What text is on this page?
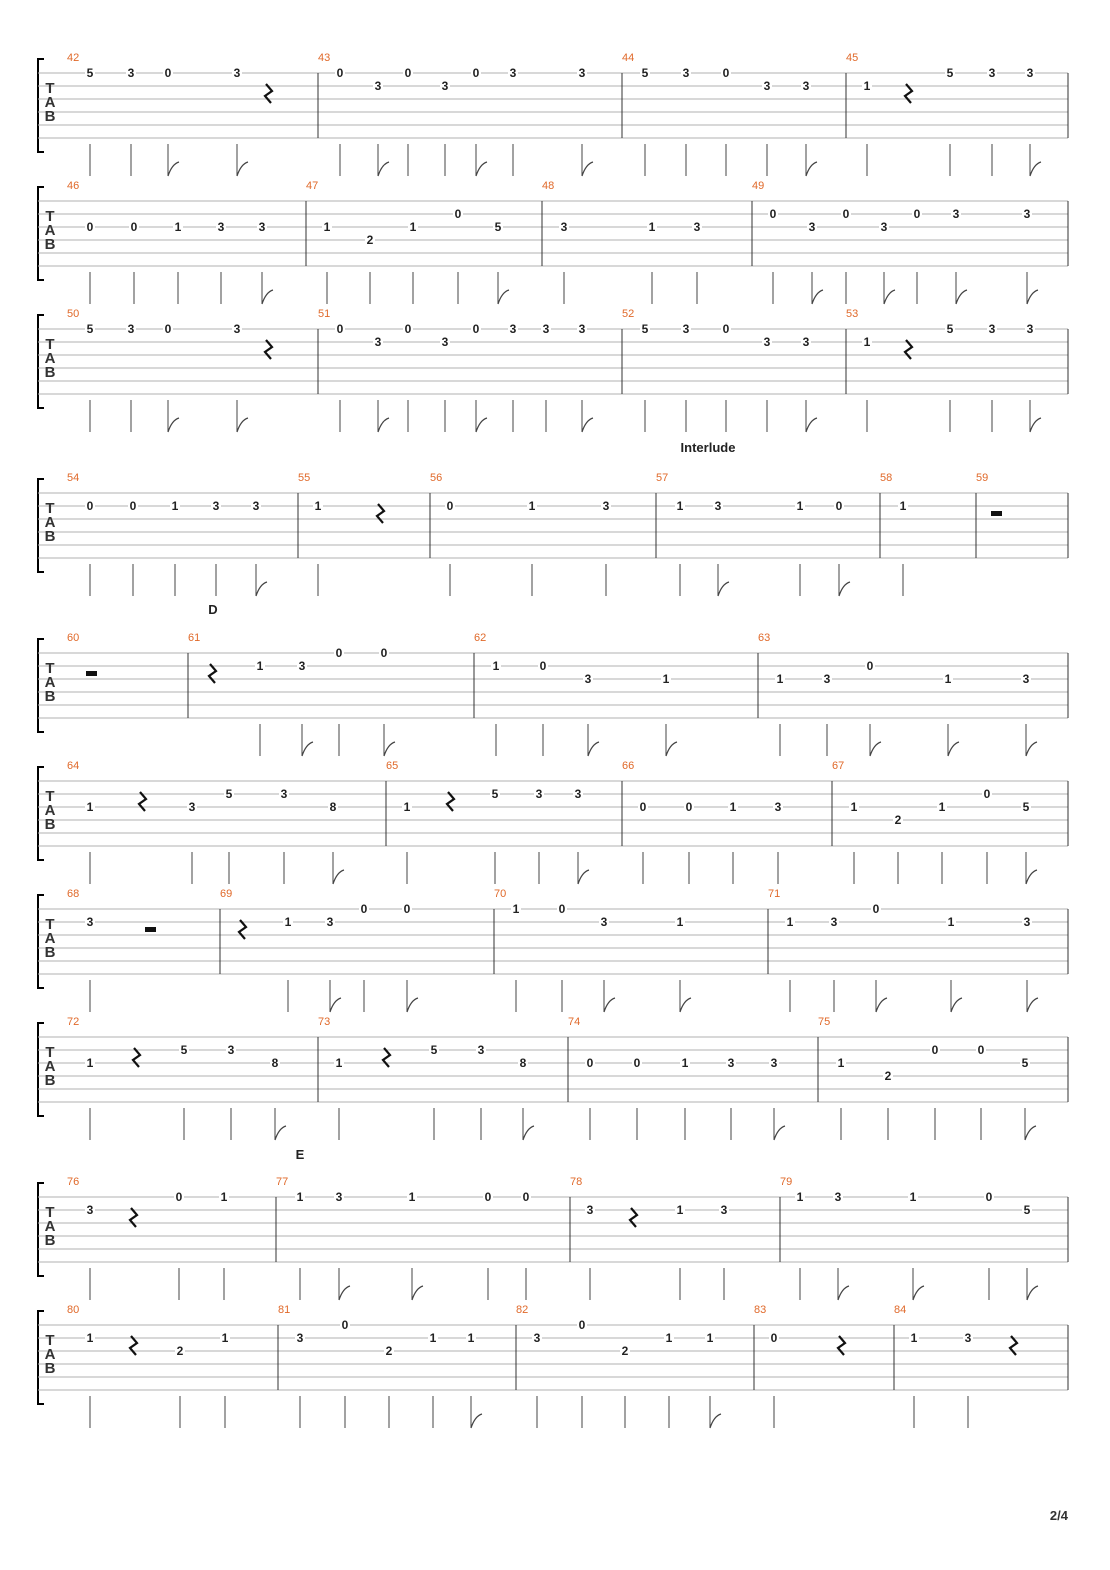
T
A
B
42
5	3	0	3
43
0
3
0
3
0	3	3
44
5	3	0
3	3
45
1
5	3	3
T
A
B
46
0	0	1	3	3
47
1
2
1
0
5
48
3	1	3
49
0
3
0
3
0	3	3
T
A
B
50
5	3	0	3
51
0
3
0
3
0	3 3 3
52
5	3	0
3	3
53
1
5	3	3
T
A
B
Interlude
54
0	0	1	3	3
55
1
56
0	1	3
57
1	3	1	0
58
1
59
T
A
B
D
60	61
1	3
0	0
62
1	0
3	1
63
1	3
0
1	3
T
A
B
64
1	3
5	3
8
65
1
5	3	3
66
0	0	1	3
67
1
2
1
0
5
T
A
B
68
3
69
1	3
0	0
70
1	0
3	1
71
1	3
0
1	3
T
A
B
72
1
5	3
8
73
1
5	3
8
74
0	0	1	3	3
75
1
2
0	0
5
T
A
B
E
76
3
0	1
77
1	3	1	0	0
78
3	1	3
79
1	3	1	0
5
T
A
B
80
1
2
1
81
3
0
2
1	1
82
3
0
2
1	1
83
0
84
1	3
2/4
